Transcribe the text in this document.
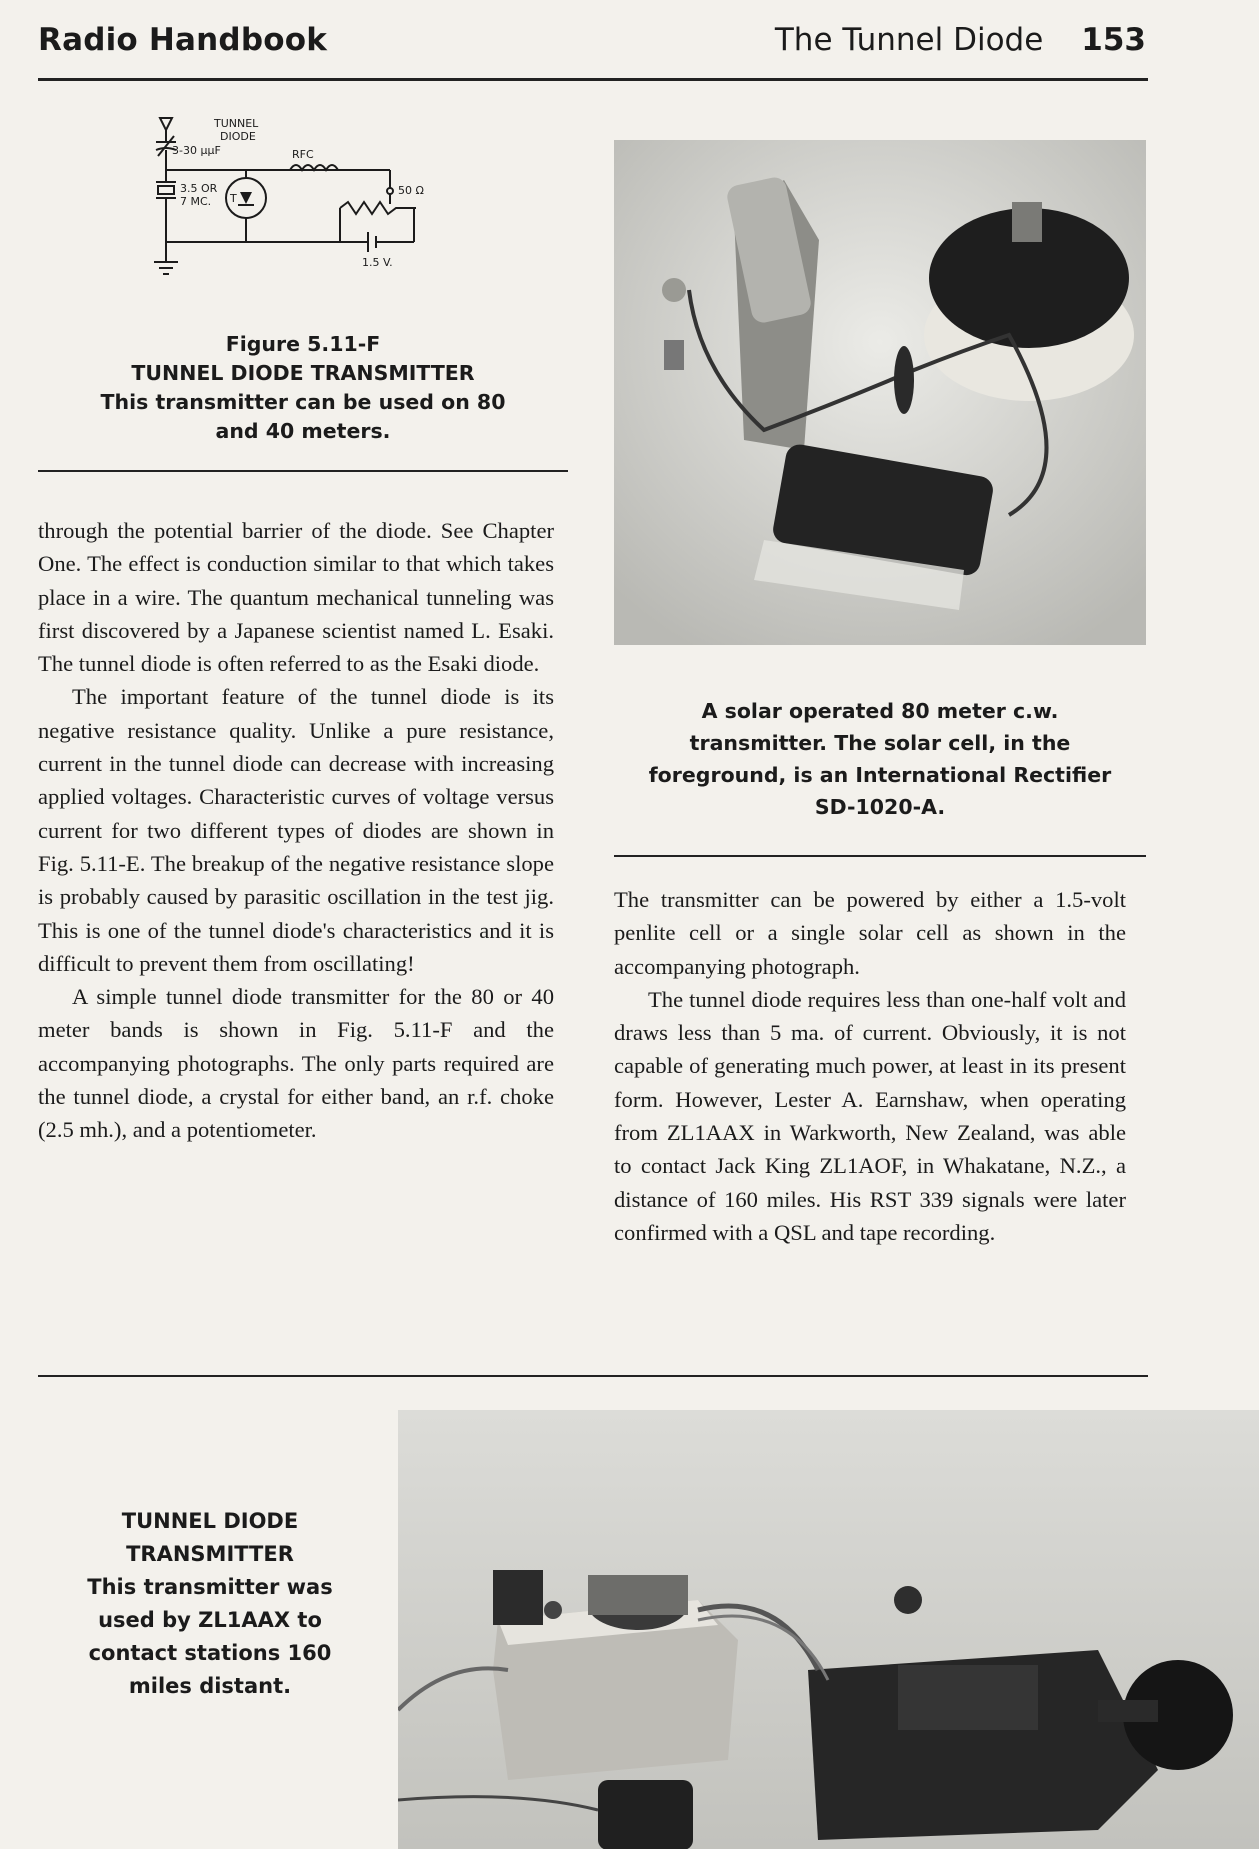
Radio Handbook	The Tunnel Diode 153
TUNNEL
DIODE
3-30 μμF	RFC
50 Ω
3.5 OR
7 MC. T
1.5 V.
Figure 5.11-F
TUNNEL DIODE TRANSMITTER
This transmitter can be used on 80 and 40 meters.

through the potential barrier of the diode. See Chapter One. The effect is conduction similar to that which takes place in a wire. The quantum mechanical tunneling was first discovered by a Japanese scientist named L. Esaki. The tunnel diode is often referred to as the Esaki diode.

The important feature of the tunnel diode is its negative resistance quality. Unlike a pure resistance, current in the tunnel diode can decrease with increasing applied voltages. Characteristic curves of voltage versus current for two different types of diodes are shown in Fig. 5.11-E. The breakup of the negative resistance slope is probably caused by parasitic oscillation in the test jig. This is one of the tunnel diode's characteristics and it is difficult to prevent them from oscillating!

A simple tunnel diode transmitter for the 80 or 40 meter bands is shown in Fig. 5.11-F and the accompanying photographs. The only parts required are the tunnel diode, a crystal for either band, an r.f. choke (2.5 mh.), and a potentiometer.

A solar operated 80 meter c.w. transmitter. The solar cell, in the foreground, is an International Rectifier SD-1020-A.

The transmitter can be powered by either a 1.5-volt penlite cell or a single solar cell as shown in the accompanying photograph.

The tunnel diode requires less than one-half volt and draws less than 5 ma. of current. Obviously, it is not capable of generating much power, at least in its present form. However, Lester A. Earnshaw, when operating from ZL1AAX in Warkworth, New Zealand, was able to contact Jack King ZL1AOF, in Whakatane, N.Z., a distance of 160 miles. His RST 339 signals were later confirmed with a QSL and tape recording.

TUNNEL DIODE
TRANSMITTER
This transmitter was used by ZL1AAX to contact stations 160 miles distant.
